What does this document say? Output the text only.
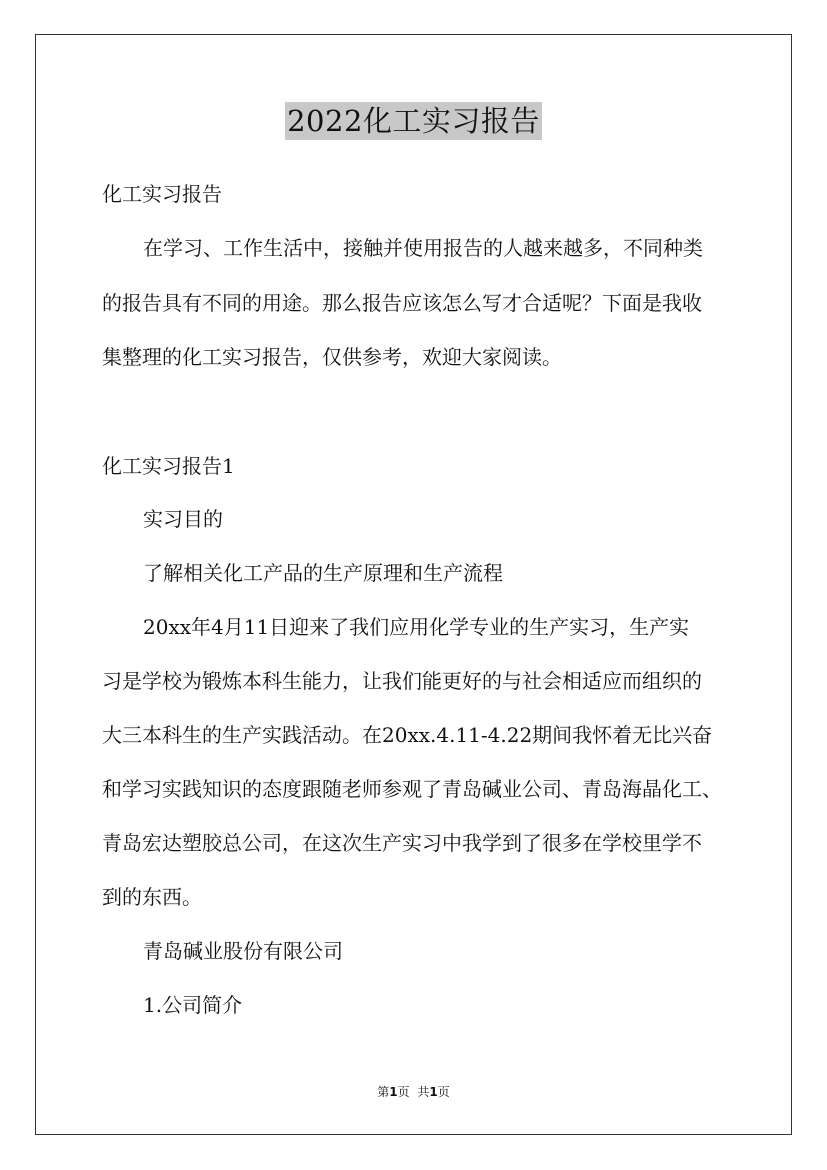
2022化工实习报告
化工实习报告
在学习、工作生活中，接触并使用报告的人越来越多，不同种类
的报告具有不同的用途。那么报告应该怎么写才合适呢？下面是我收
集整理的化工实习报告，仅供参考，欢迎大家阅读。
化工实习报告1
实习目的
了解相关化工产品的生产原理和生产流程
20xx年4月11日迎来了我们应用化学专业的生产实习，生产实
习是学校为锻炼本科生能力，让我们能更好的与社会相适应而组织的
大三本科生的生产实践活动。在20xx.4.11-4.22期间我怀着无比兴奋
和学习实践知识的态度跟随老师参观了青岛碱业公司、青岛海晶化工、
青岛宏达塑胶总公司，在这次生产实习中我学到了很多在学校里学不
到的东西。
青岛碱业股份有限公司
1.公司简介
第1页 共1页
